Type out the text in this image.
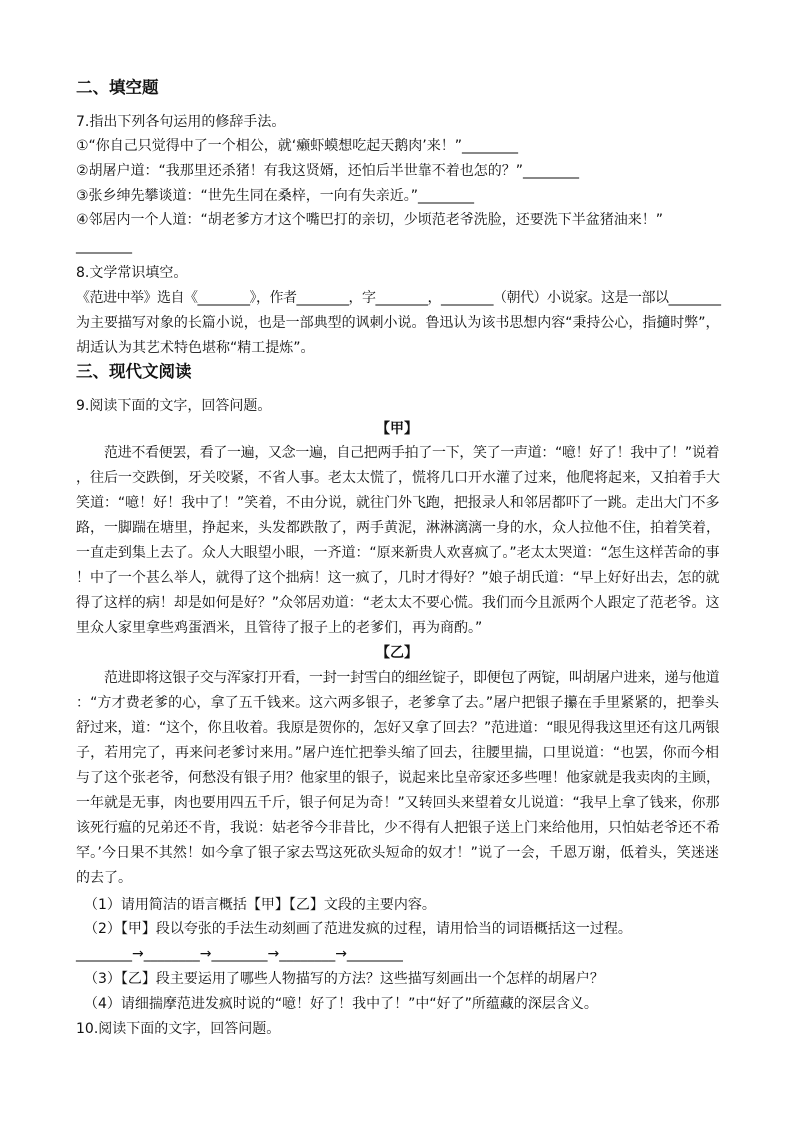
二、填空题
7.指出下列各句运用的修辞手法。
①“你自己只觉得中了一个相公，就‘癞虾蟆想吃起天鹅肉’来！”________
②胡屠户道：“我那里还杀猪！有我这贤婿，还怕后半世靠不着也怎的？”________
③张乡绅先攀谈道：“世先生同在桑梓，一向有失亲近。”________
④邻居内一个人道：“胡老爹方才这个嘴巴打的亲切，少顷范老爷洗脸，还要洗下半盆猪油来！”
________
8.文学常识填空。
《范进中举》选自《________》，作者________，字________，________（朝代）小说家。这是一部以________
为主要描写对象的长篇小说，也是一部典型的讽刺小说。鲁迅认为该书思想内容“秉持公心，指擿时弊”，
胡适认为其艺术特色堪称“精工提炼”。
三、现代文阅读
9.阅读下面的文字，回答问题。
【甲】
范进不看便罢，看了一遍，又念一遍，自己把两手拍了一下，笑了一声道：“噫！好了！我中了！”说着
，往后一交跌倒，牙关咬紧，不省人事。老太太慌了，慌将几口开水灌了过来，他爬将起来，又拍着手大
笑道：“噫！好！我中了！”笑着，不由分说，就往门外飞跑，把报录人和邻居都吓了一跳。走出大门不多
路，一脚踹在塘里，挣起来，头发都跌散了，两手黄泥，淋淋漓漓一身的水，众人拉他不住，拍着笑着，
一直走到集上去了。众人大眼望小眼，一齐道：“原来新贵人欢喜疯了。”老太太哭道：“怎生这样苦命的事
！中了一个甚么举人，就得了这个拙病！这一疯了，几时才得好？”娘子胡氏道：“早上好好出去，怎的就
得了这样的病！却是如何是好？”众邻居劝道：“老太太不要心慌。我们而今且派两个人跟定了范老爷。这
里众人家里拿些鸡蛋酒米，且管待了报子上的老爹们，再为商酌。”
【乙】
范进即将这银子交与浑家打开看，一封一封雪白的细丝锭子，即便包了两锭，叫胡屠户进来，递与他道
：“方才费老爹的心，拿了五千钱来。这六两多银子，老爹拿了去。”屠户把银子攥在手里紧紧的，把拳头
舒过来，道：“这个，你且收着。我原是贺你的，怎好又拿了回去？”范进道：“眼见得我这里还有这几两银
子，若用完了，再来问老爹讨来用。”屠户连忙把拳头缩了回去，往腰里揣，口里说道：“也罢，你而今相
与了这个张老爷，何愁没有银子用？他家里的银子，说起来比皇帝家还多些哩！他家就是我卖肉的主顾，
一年就是无事，肉也要用四五千斤，银子何足为奇！”又转回头来望着女儿说道：“我早上拿了钱来，你那
该死行瘟的兄弟还不肯，我说：姑老爷今非昔比，少不得有人把银子送上门来给他用，只怕姑老爷还不希
罕。’今日果不其然！如今拿了银子家去骂这死砍头短命的奴才！”说了一会，千恩万谢，低着头，笑迷迷
的去了。
（1）请用简洁的语言概括【甲】【乙】文段的主要内容。
（2）【甲】段以夸张的手法生动刻画了范进发疯的过程，请用恰当的词语概括这一过程。
________→________→________→________→________
（3）【乙】段主要运用了哪些人物描写的方法？这些描写刻画出一个怎样的胡屠户？
（4）请细揣摩范进发疯时说的“噫！好了！我中了！”中“好了”所蕴藏的深层含义。
10.阅读下面的文字，回答问题。
